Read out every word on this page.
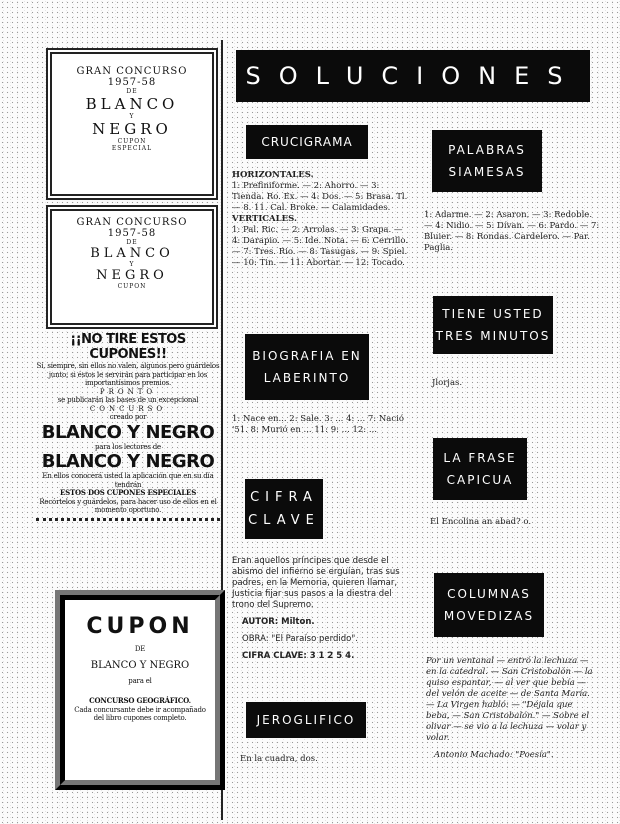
GRAN CONCURSO
1957-58
DE
BLANCO
Y
NEGRO
CUPON
ESPECIAL
GRAN CONCURSO
1957-58
DE
BLANCO
Y
NEGRO
CUPON
¡¡NO TIRE ESTOS CUPONES!!
Sí, siempre, sin ellos no valen, algunos pero guárdelos junto; si éstos le servirán para participar en los importantísimos premios.
PRONTO
se publicarán las bases de un excepcional
CONCURSO
creado por
BLANCO Y NEGRO
para los lectores de
BLANCO Y NEGRO
En ellos conocerá usted la aplicación que en su día tendrán
ESTOS DOS CUPONES ESPECIALES
Recórtelos y guárdelos, para hacer uso de ellos en el momento oportuno.
CUPON
DE
BLANCO Y NEGRO
para el
CONCURSO GEOGRÁFICO.
Cada concursante debe ir acompañado del libro cupones completo.
SOLUCIONES
CRUCIGRAMA
HORIZONTALES.
1: Prefiniforme. — 2: Ahorro. — 3: Tienda. Ro. Ex. — 4: Dos. — 5: Brasa. Tl. — 8. 11. Cal. Broke. — Calamidades.
VERTICALES.
1: Pal. Ric. — 2: Arrolas. — 3: Grapa. — 4: Darapio. — 5: Ide. Nota. — 6: Cerrillo. — 7: Tres. Rio. — 8: Tasugas. — 9: Spiel. — 10: Tin. — 11: Abortar. — 12: Tocado.
BIOGRAFIA EN
LABERINTO
1: Nace en... 2: Sale. 3: ... 4: ... 7: Nació '51. 8: Murió en ... 11: 9: ... 12: ...
CIFRA
CLAVE
Eran aquellos príncipes que desde el abismo del infierno se erguían, tras sus padres, en la Memoria, quieren llamar, Justicia fijar sus pasos a la diestra del trono del Supremo.
AUTOR: Milton.
OBRA: "El Paraíso perdido".
CIFRA CLAVE: 3 1 2 5 4.
JEROGLIFICO
En la cuadra, dos.
PALABRAS
SIAMESAS
1: Adarme. — 2: Asaron. — 3: Redoble. — 4: Nidio. — 5: Dívan. — 6: Pardo. — 7: Bluier. — 8: Rondas. Cardelero. — Par. Paglia.
TIENE USTED
TRES MINUTOS
Jlorjas.
LA FRASE
CAPICUA
El Encolina an abad? o.
COLUMNAS
MOVEDIZAS
Por un ventanal — entró la lechuza — en la catedral. — San Cristobalón — la quiso espantar, — al ver que bebía — del velón de aceite — de Santa María. — La Virgen habló: — "Déjala que beba, — San Cristobalón." — Sobre el olivar — se vio a la lechuza — volar y volar.
Antonio Machado: "Poesía".
